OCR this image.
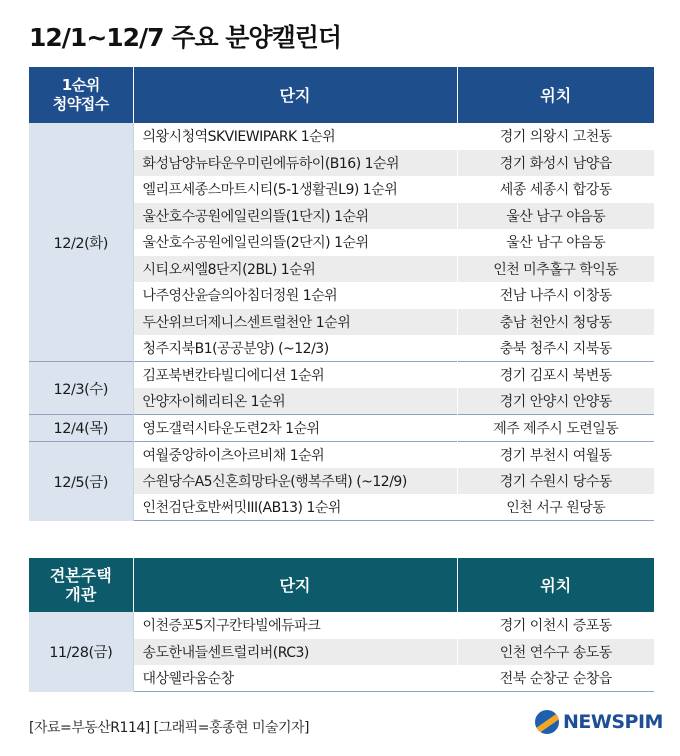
12/1~12/7 주요 분양캘린더
1순위
청약접수	단지	위치
12/2(화)	의왕시청역SKVIEWIPARK 1순위	경기 의왕시 고천동
	화성남양뉴타운우미린에듀하이(B16) 1순위	경기 화성시 남양읍
	엘리프세종스마트시티(5-1생활권L9) 1순위	세종 세종시 합강동
	울산호수공원에일린의뜰(1단지) 1순위	울산 남구 야음동
	울산호수공원에일린의뜰(2단지) 1순위	울산 남구 야음동
	시티오씨엘8단지(2BL) 1순위	인천 미추홀구 학익동
	나주영산윤슬의아침더정원 1순위	전남 나주시 이창동
	두산위브더제니스센트럴천안 1순위	충남 천안시 청당동
	청주지북B1(공공분양) (~12/3)	충북 청주시 지북동
12/3(수)	김포북변칸타빌디에디션 1순위	경기 김포시 북변동
	안양자이헤리티온 1순위	경기 안양시 안양동
12/4(목)	영도갤럭시타운도련2차 1순위	제주 제주시 도련일동
12/5(금)	여월중앙하이츠아르비채 1순위	경기 부천시 여월동
	수원당수A5신혼희망타운(행복주택) (~12/9)	경기 수원시 당수동
	인천검단호반써밋III(AB13) 1순위	인천 서구 원당동
견본주택
개관	단지	위치
11/28(금)	이천증포5지구칸타빌에듀파크	경기 이천시 증포동
	송도한내들센트럴리버(RC3)	인천 연수구 송도동
	대상웰라움순창	전북 순창군 순창읍
[자료=부동산R114] [그래픽=홍종현 미술기자]	NEWSPIM
